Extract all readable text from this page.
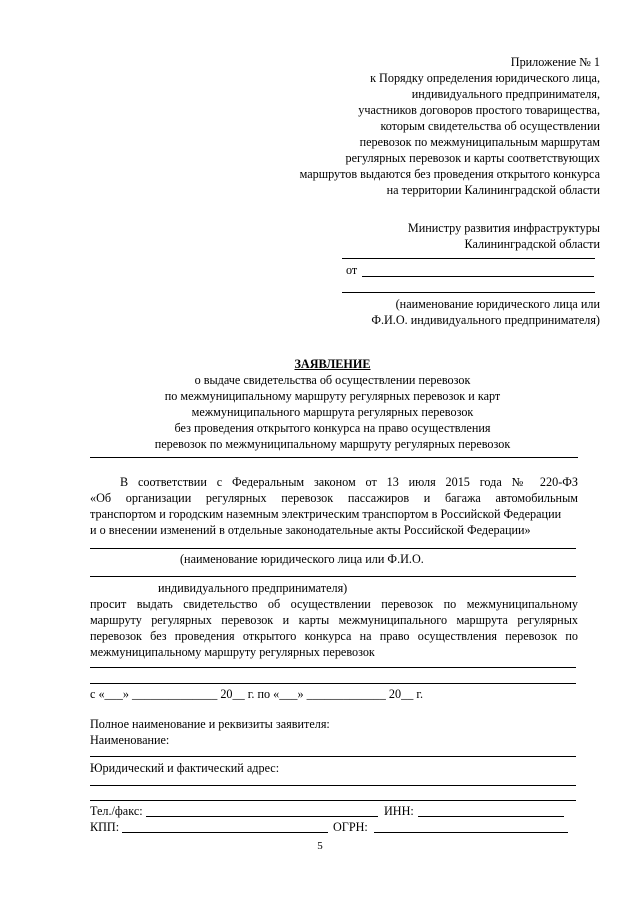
Приложение № 1
к Порядку определения юридического лица,
индивидуального предпринимателя,
участников договоров простого товарищества,
которым свидетельства об осуществлении
перевозок по межмуниципальным маршрутам
регулярных перевозок и карты соответствующих
маршрутов выдаются без проведения открытого конкурса
на территории Калининградской области
Министру развития инфраструктуры
Калининградской области
от
(наименование юридического лица или
Ф.И.О. индивидуального предпринимателя)
ЗАЯВЛЕНИЕ
о выдаче свидетельства об осуществлении перевозок
по межмуниципальному маршруту регулярных перевозок и карт
межмуниципального маршрута регулярных перевозок
без проведения открытого конкурса на право осуществления
перевозок по межмуниципальному маршруту регулярных перевозок
В соответствии с Федеральным законом от 13 июля 2015 года № 220-ФЗ
«Об организации регулярных перевозок пассажиров и багажа автомобильным
транспортом и городским наземным электрическим транспортом в Российской Федерации
и о внесении изменений в отдельные законодательные акты Российской Федерации»
(наименование юридического лица или Ф.И.О.
индивидуального предпринимателя)
просит выдать свидетельство об осуществлении перевозок по межмуниципальному
маршруту регулярных перевозок и карты межмуниципального маршрута регулярных
перевозок без проведения открытого конкурса на право осуществления перевозок по
межмуниципальному маршруту регулярных перевозок
с «___» ______________ 20__ г. по «___» _____________ 20__ г.
Полное наименование и реквизиты заявителя:
Наименование:
Юридический и фактический адрес:
Тел./факс:	ИНН:
КПП:	ОГРН:
5
